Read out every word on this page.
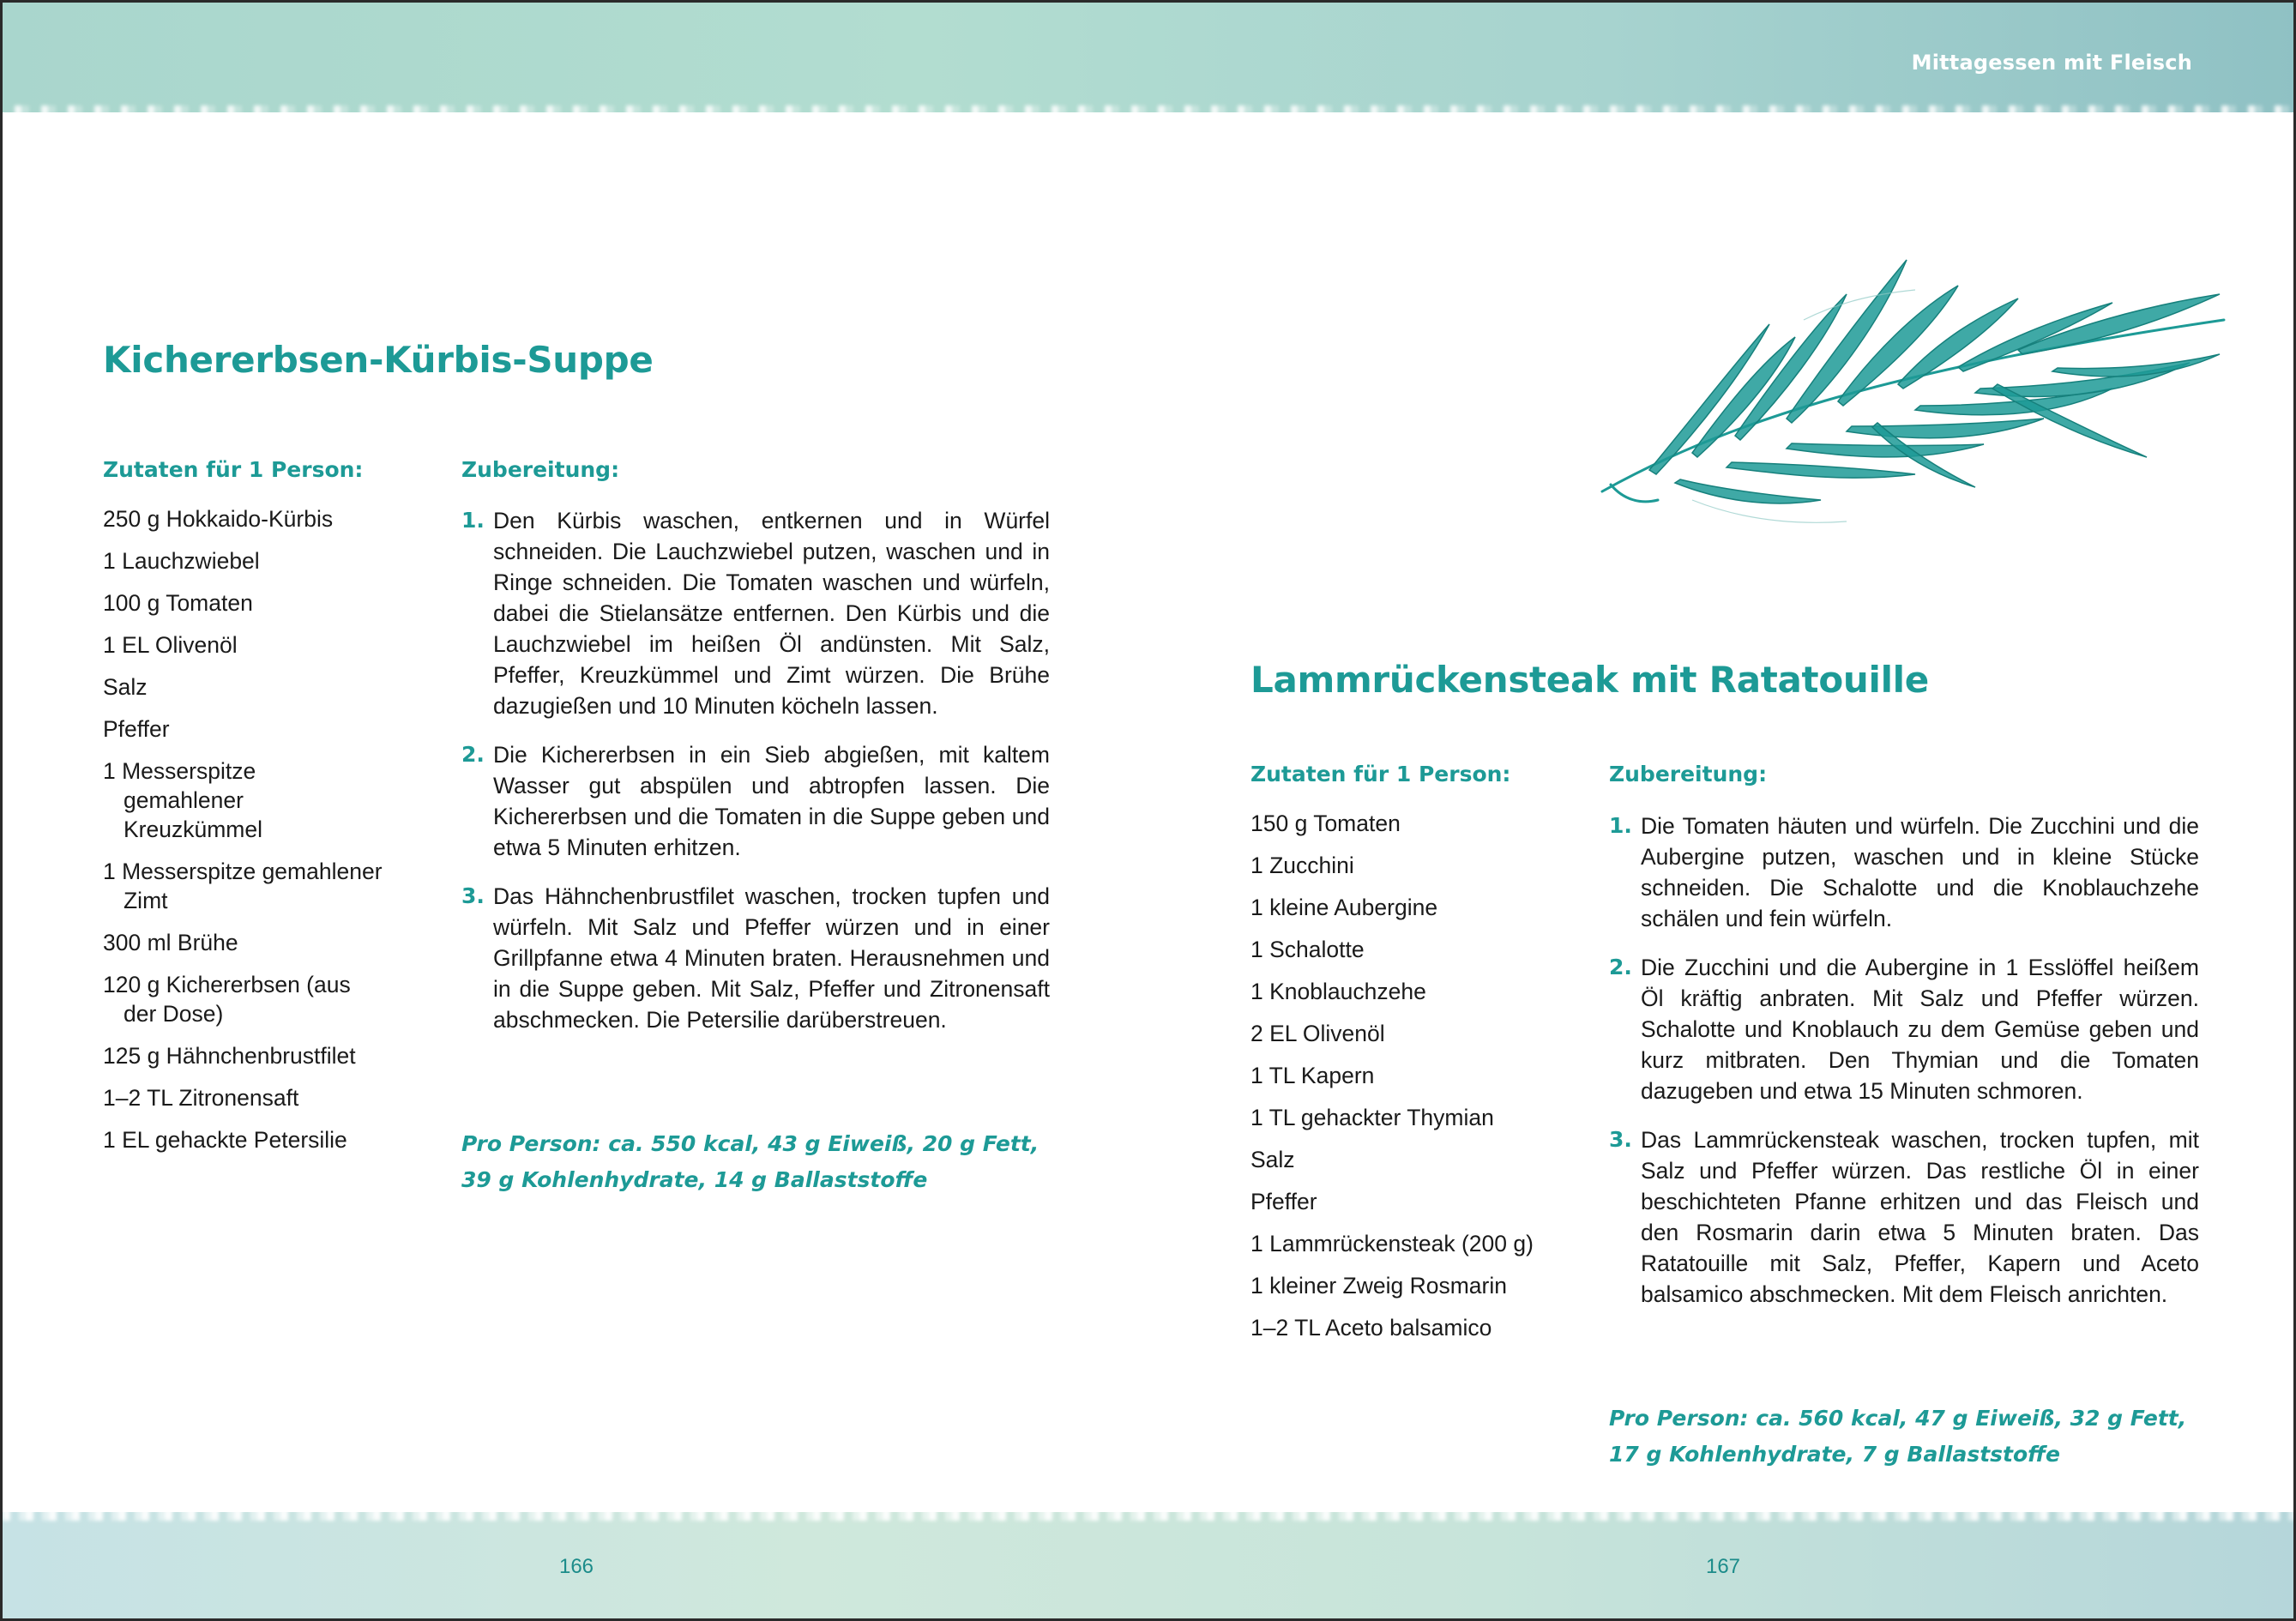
Mittagessen mit Fleisch
Kichererbsen-Kürbis-Suppe
Zutaten für 1 Person:
250 g Hokkaido-Kürbis
1 Lauchzwiebel
100 g Tomaten
1 EL Olivenöl
Salz
Pfeffer
1 Messerspitze gemahlener Kreuzkümmel
1 Messerspitze gemahlener Zimt
300 ml Brühe
120 g Kichererbsen (aus der Dose)
125 g Hähnchenbrustfilet
1–2 TL Zitronensaft
1 EL gehackte Petersilie
Zubereitung:
1. Den Kürbis waschen, entkernen und in Würfel schneiden. Die Lauchzwiebel putzen, waschen und in Ringe schneiden. Die Tomaten waschen und würfeln, dabei die Stielansätze entfernen. Den Kürbis und die Lauchzwiebel im heißen Öl andünsten. Mit Salz, Pfeffer, Kreuzkümmel und Zimt würzen. Die Brühe dazugießen und 10 Minuten köcheln lassen.
2. Die Kichererbsen in ein Sieb abgießen, mit kaltem Wasser gut abspülen und abtropfen lassen. Die Kichererbsen und die Tomaten in die Suppe geben und etwa 5 Minuten erhitzen.
3. Das Hähnchenbrustfilet waschen, trocken tupfen und würfeln. Mit Salz und Pfeffer würzen und in einer Grillpfanne etwa 4 Minuten braten. Herausnehmen und in die Suppe geben. Mit Salz, Pfeffer und Zitronensaft abschmecken. Die Petersilie darüberstreuen.
Pro Person: ca. 550 kcal, 43 g Eiweiß, 20 g Fett,
39 g Kohlenhydrate, 14 g Ballaststoffe
166
Lammrückensteak mit Ratatouille
Zutaten für 1 Person:
150 g Tomaten
1 Zucchini
1 kleine Aubergine
1 Schalotte
1 Knoblauchzehe
2 EL Olivenöl
1 TL Kapern
1 TL gehackter Thymian
Salz
Pfeffer
1 Lammrückensteak (200 g)
1 kleiner Zweig Rosmarin
1–2 TL Aceto balsamico
Zubereitung:
1. Die Tomaten häuten und würfeln. Die Zucchini und die Aubergine putzen, waschen und in kleine Stücke schneiden. Die Schalotte und die Knoblauchzehe schälen und fein würfeln.
2. Die Zucchini und die Aubergine in 1 Esslöffel heißem Öl kräftig anbraten. Mit Salz und Pfeffer würzen. Schalotte und Knoblauch zu dem Gemüse geben und kurz mitbraten. Den Thymian und die Tomaten dazugeben und etwa 15 Minuten schmoren.
3. Das Lammrückensteak waschen, trocken tupfen, mit Salz und Pfeffer würzen. Das restliche Öl in einer beschichteten Pfanne erhitzen und das Fleisch und den Rosmarin darin etwa 5 Minuten braten. Das Ratatouille mit Salz, Pfeffer, Kapern und Aceto balsamico abschmecken. Mit dem Fleisch anrichten.
Pro Person: ca. 560 kcal, 47 g Eiweiß, 32 g Fett,
17 g Kohlenhydrate, 7 g Ballaststoffe
167
